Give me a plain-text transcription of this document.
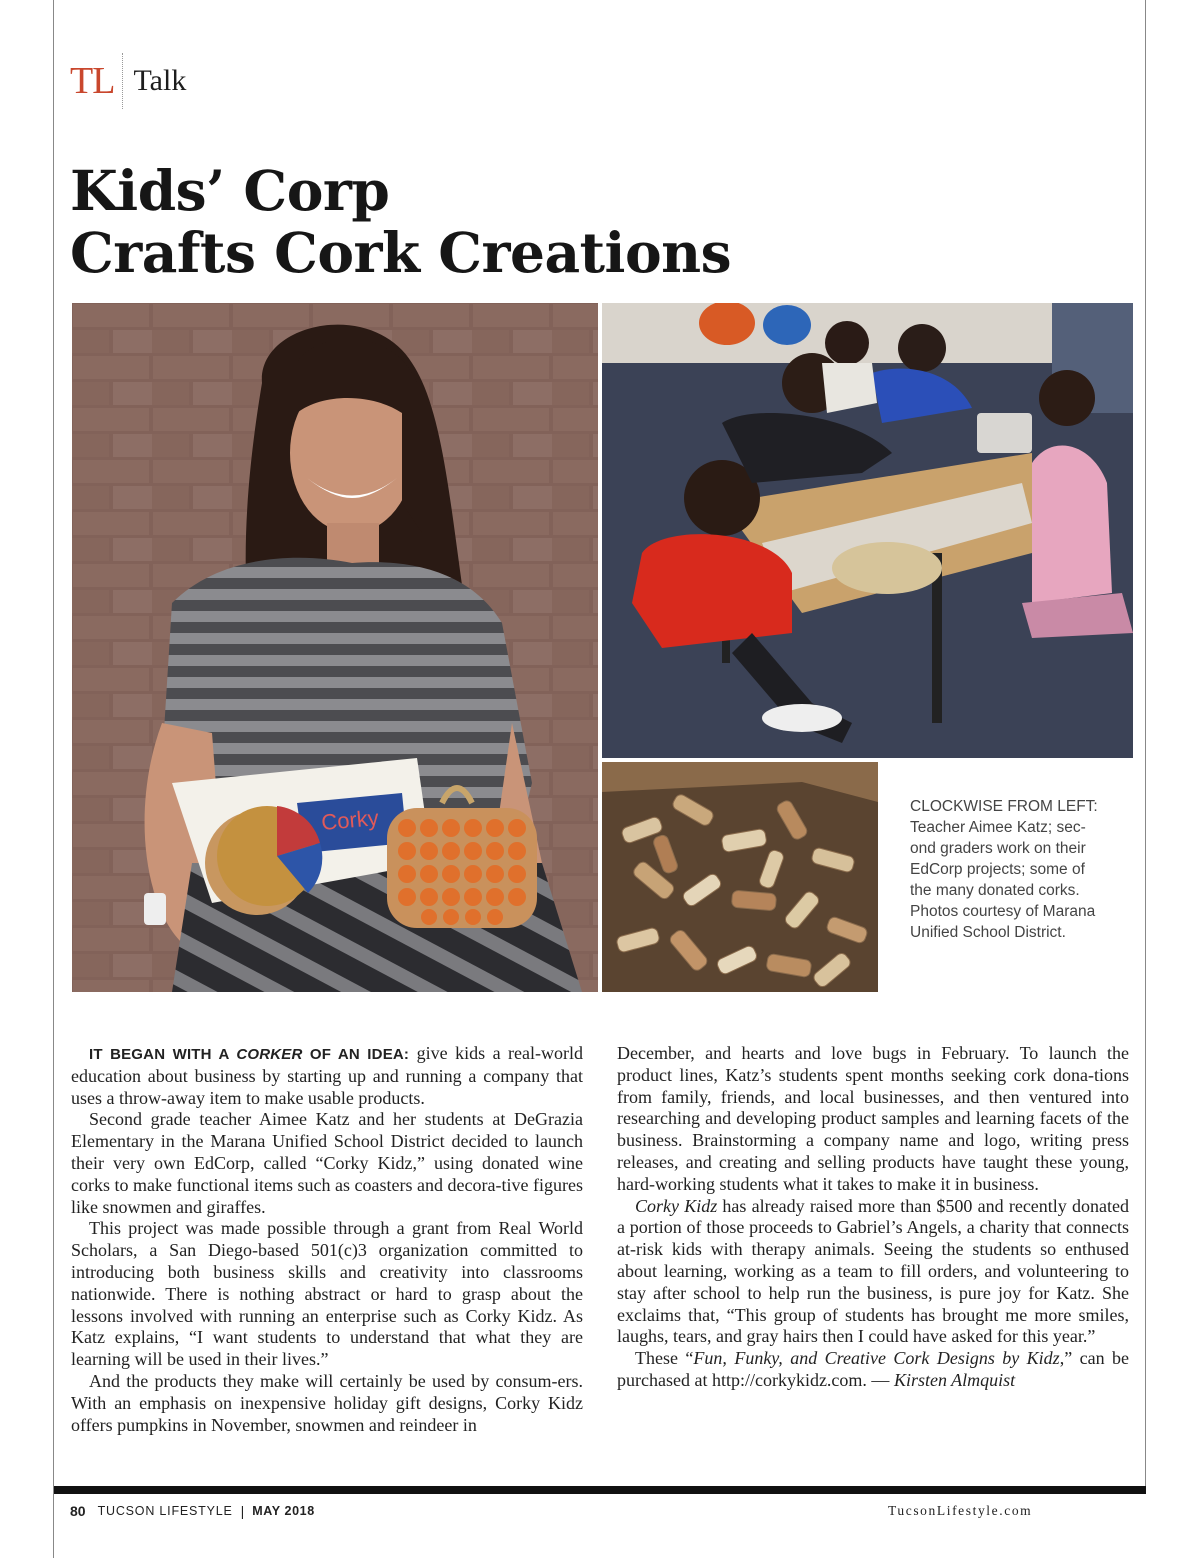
TL Talk
Kids’ Corp
Crafts Cork Creations
Corky	CLOCKWISE FROM LEFT: Teacher Aimee Katz; sec-ond graders work on their EdCorp projects; some of the many donated corks. Photos courtesy of Marana Unified School District.

IT BEGAN WITH A CORKER OF AN IDEA: give kids a real-world education about business by starting up and running a company that uses a throw-away item to make usable products.

Second grade teacher Aimee Katz and her students at DeGrazia Elementary in the Marana Unified School District decided to launch their very own EdCorp, called “Corky Kidz,” using donated wine corks to make functional items such as coasters and decora-tive figures like snowmen and giraffes.

This project was made possible through a grant from Real World Scholars, a San Diego-based 501(c)3 organization committed to introducing both business skills and creativity into classrooms nationwide. There is nothing abstract or hard to grasp about the lessons involved with running an enterprise such as Corky Kidz. As Katz explains, “I want students to understand that what they are learning will be used in their lives.”

And the products they make will certainly be used by consum-ers. With an emphasis on inexpensive holiday gift designs, Corky Kidz offers pumpkins in November, snowmen and reindeer in

December, and hearts and love bugs in February. To launch the product lines, Katz’s students spent months seeking cork dona-tions from family, friends, and local businesses, and then ventured into researching and developing product samples and learning facets of the business. Brainstorming a company name and logo, writing press releases, and creating and selling products have taught these young, hard-working students what it takes to make it in business.

Corky Kidz has already raised more than $500 and recently donated a portion of those proceeds to Gabriel’s Angels, a charity that connects at-risk kids with therapy animals. Seeing the students so enthused about learning, working as a team to fill orders, and volunteering to stay after school to help run the business, is pure joy for Katz. She exclaims that, “This group of students has brought me more smiles, laughs, tears, and gray hairs then I could have asked for this year.”

These “Fun, Funky, and Creative Cork Designs by Kidz,” can be purchased at http://corkykidz.com. — Kirsten Almquist

80 TUCSON LIFESTYLE | MAY 2018	TucsonLifestyle.com
